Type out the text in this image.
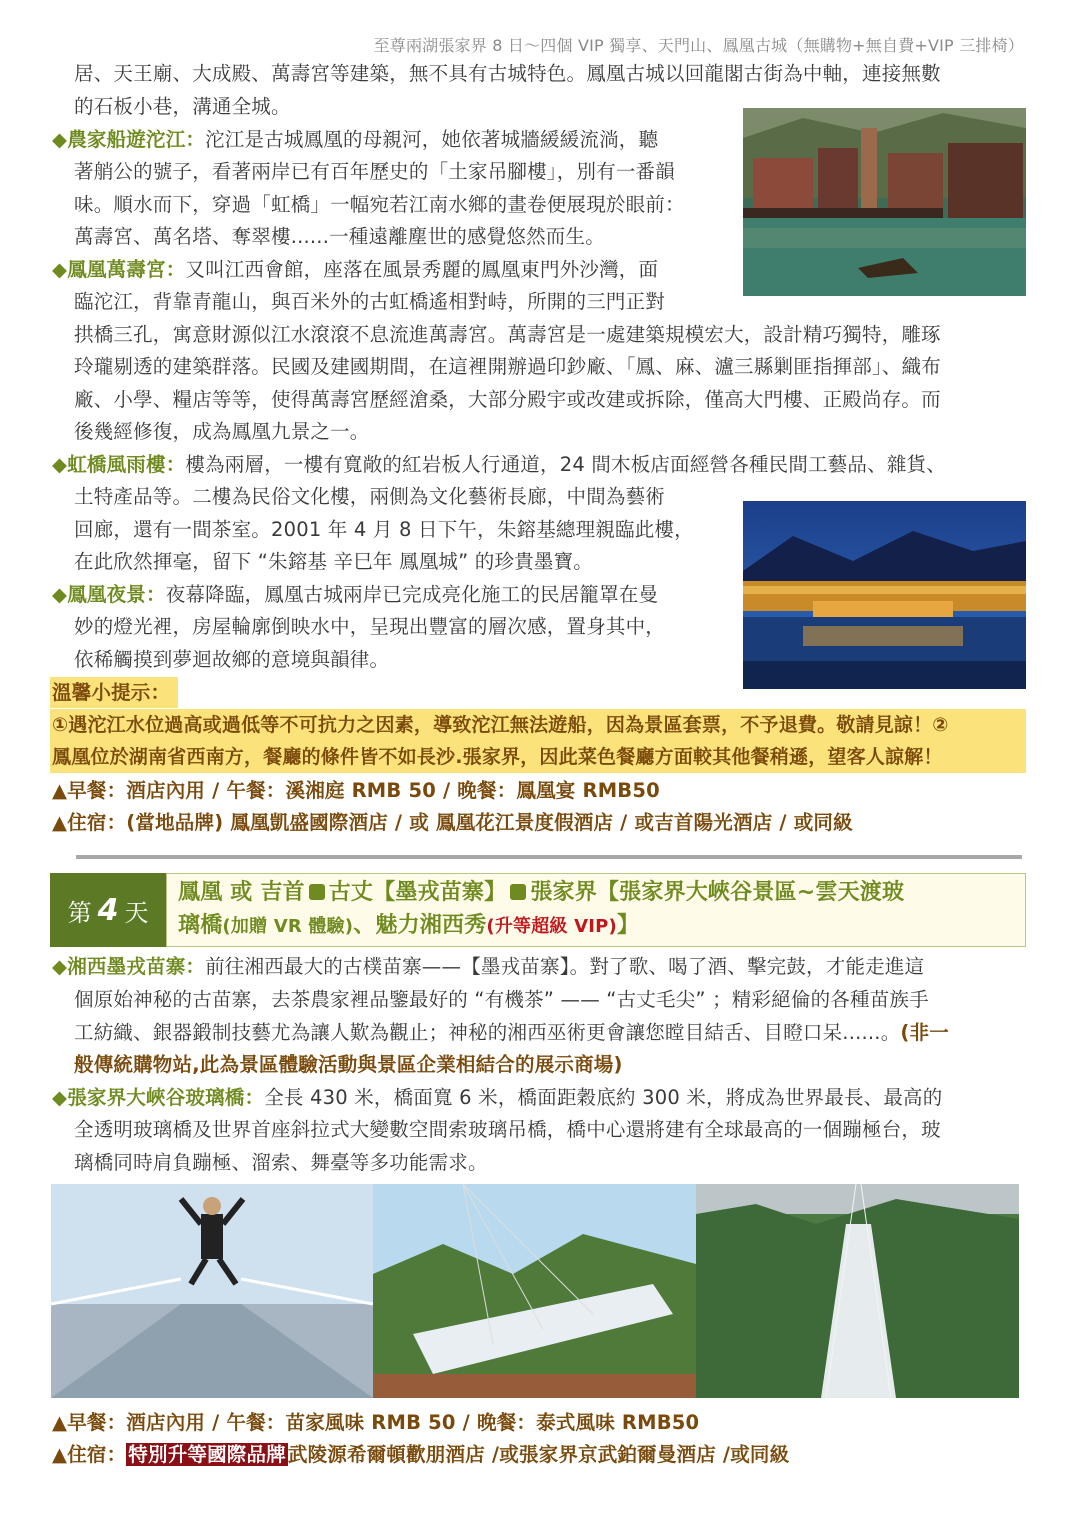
至尊兩湖張家界 8 日～四個 VIP 獨享、天門山、鳳凰古城（無購物+無自費+VIP 三排椅）
居、天王廟、大成殿、萬壽宮等建築，無不具有古城特色。鳳凰古城以回龍閣古街為中軸，連接無數
的石板小巷，溝通全城。
◆農家船遊沱江：沱江是古城鳳凰的母親河，她依著城牆緩緩流淌，聽
著艄公的號子，看著兩岸已有百年歷史的「土家吊腳樓」，別有一番韻
味。順水而下，穿過「虹橋」一幅宛若江南水鄉的畫卷便展現於眼前：
萬壽宮、萬名塔、奪翠樓......一種遠離塵世的感覺悠然而生。
◆鳳凰萬壽宮：又叫江西會館，座落在風景秀麗的鳳凰東門外沙灣，面
臨沱江，背靠青龍山，與百米外的古虹橋遙相對峙，所開的三門正對
拱橋三孔，寓意財源似江水滾滾不息流進萬壽宮。萬壽宮是一處建築規模宏大，設計精巧獨特，雕琢
玲瓏剔透的建築群落。民國及建國期間，在這裡開辦過印鈔廠、「鳳、麻、瀘三縣剿匪指揮部」、織布
廠、小學、糧店等等，使得萬壽宮歷經滄桑，大部分殿宇或改建或拆除，僅高大門樓、正殿尚存。而
後幾經修復，成為鳳凰九景之一。
◆虹橋風雨樓：樓為兩層，一樓有寬敞的紅岩板人行通道，24 間木板店面經營各種民間工藝品、雜貨、
土特產品等。二樓為民俗文化樓，兩側為文化藝術長廊，中間為藝術
回廊，還有一間茶室。2001 年 4 月 8 日下午，朱鎔基總理親臨此樓，
在此欣然揮毫，留下 “朱鎔基 辛巳年 鳳凰城” 的珍貴墨寶。
◆鳳凰夜景：夜幕降臨，鳳凰古城兩岸已完成亮化施工的民居籠罩在曼
妙的燈光裡，房屋輪廓倒映水中，呈現出豐富的層次感，置身其中，
依稀觸摸到夢迴故鄉的意境與韻律。
溫馨小提示：
①遇沱江水位過高或過低等不可抗力之因素，導致沱江無法遊船，因為景區套票，不予退費。敬請見諒！②
鳳凰位於湖南省西南方，餐廳的條件皆不如長沙.張家界，因此菜色餐廳方面較其他餐稍遜，望客人諒解！
▲早餐：酒店內用 / 午餐：溪湘庭 RMB 50 / 晚餐：鳳凰宴 RMB50
▲住宿：(當地品牌) 鳳凰凱盛國際酒店 / 或 鳳凰花江景度假酒店 / 或吉首陽光酒店 / 或同級
第 4 天
鳳凰 或 吉首 古丈【墨戎苗寨】 張家界【張家界大峽谷景區~雲天渡玻
璃橋(加贈 VR 體驗)、魅力湘西秀(升等超級 VIP)】
◆湘西墨戎苗寨：前往湘西最大的古樸苗寨——【墨戎苗寨】。對了歌、喝了酒、擊完鼓，才能走進這
個原始神秘的古苗寨，去茶農家裡品鑒最好的 “有機茶” —— “古丈毛尖” ；精彩絕倫的各種苗族手
工紡織、銀器鍛制技藝尤為讓人歎為觀止；神秘的湘西巫術更會讓您瞠目結舌、目瞪口呆......。(非一
般傳統購物站,此為景區體驗活動與景區企業相結合的展示商場)
◆張家界大峽谷玻璃橋：全長 430 米，橋面寬 6 米，橋面距穀底約 300 米，將成為世界最長、最高的
全透明玻璃橋及世界首座斜拉式大變數空間索玻璃吊橋，橋中心還將建有全球最高的一個蹦極台，玻
璃橋同時肩負蹦極、溜索、舞臺等多功能需求。
▲早餐：酒店內用 / 午餐：苗家風味 RMB 50 / 晚餐：泰式風味 RMB50
▲住宿： 特別升等國際品牌 武陵源希爾頓歡朋酒店 /或張家界京武鉑爾曼酒店 /或同級
